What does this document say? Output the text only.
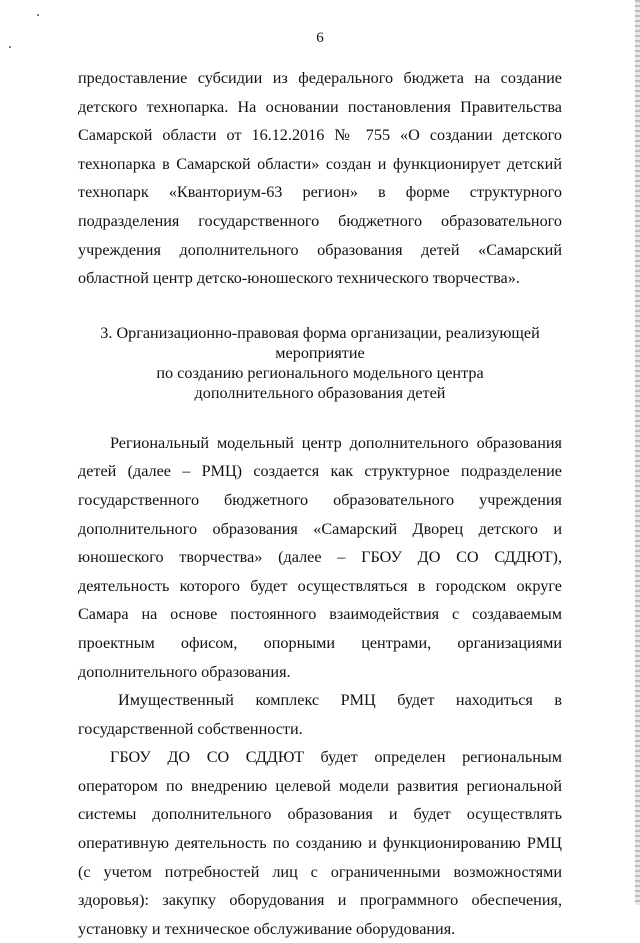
6

предоставление субсидии из федерального бюджета на создание детского технопарка. На основании постановления Правительства Самарской области от 16.12.2016 № 755 «О создании детского технопарка в Самарской области» создан и функционирует детский технопарк «Кванториум-63 регион» в форме структурного подразделения государственного бюджетного образовательного учреждения дополнительного образования детей «Самарский областной центр детско-юношеского технического творчества».

3. Организационно-правовая форма организации, реализующей мероприятие
по созданию регионального модельного центра
дополнительного образования детей

Региональный модельный центр дополнительного образования детей (далее – РМЦ) создается как структурное подразделение государственного бюджетного образовательного учреждения дополнительного образования «Самарский Дворец детского и юношеского творчества» (далее – ГБОУ ДО СО СДДЮТ), деятельность которого будет осуществляться в городском округе Самара на основе постоянного взаимодействия с создаваемым проектным офисом, опорными центрами, организациями дополнительного образования.

Имущественный комплекс РМЦ будет находиться в государственной собственности.

ГБОУ ДО СО СДДЮТ будет определен региональным оператором по внедрению целевой модели развития региональной системы дополнительного образования и будет осуществлять оперативную деятельность по созданию и функционированию РМЦ (с учетом потребностей лиц с ограниченными возможностями здоровья): закупку оборудования и программного обеспечения, установку и техническое обслуживание оборудования.
